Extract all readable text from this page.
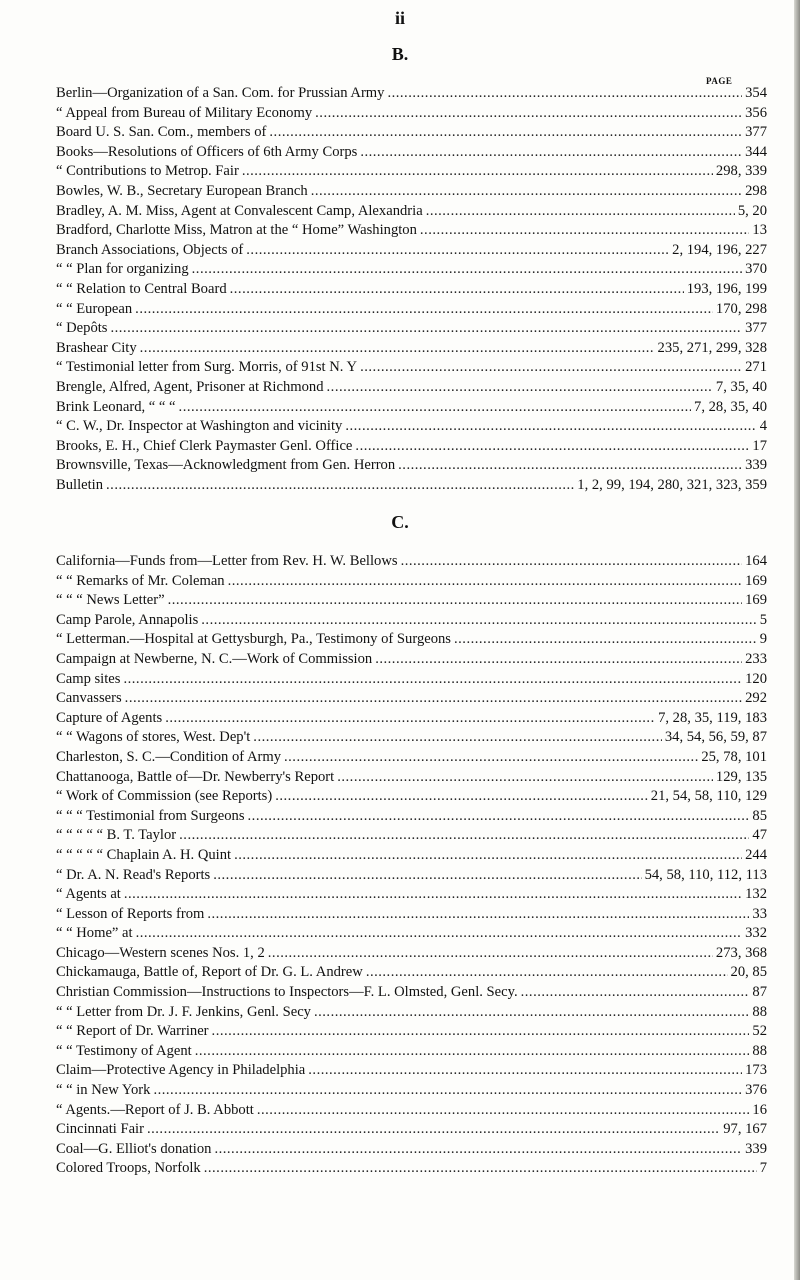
ii
B.
PAGE
Berlin—Organization of a San. Com. for Prussian Army .....	354
“ Appeal from Bureau of Military Economy .....	356
Board U. S. San. Com., members of .....	377
Books—Resolutions of Officers of 6th Army Corps .....	344
“ Contributions to Metrop. Fair .....	298, 339
Bowles, W. B., Secretary European Branch .....	298
Bradley, A. M. Miss, Agent at Convalescent Camp, Alexandria .....	5, 20
Bradford, Charlotte Miss, Matron at the “ Home” Washington .....	13
Branch Associations, Objects of .....	2, 194, 196, 227
“ “ Plan for organizing .....	370
“ “ Relation to Central Board .....	193, 196, 199
“ “ European .....	170, 298
“ Depôts .....	377
Brashear City .....	235, 271, 299, 328
“ Testimonial letter from Surg. Morris, of 91st N. Y .....	271
Brengle, Alfred, Agent, Prisoner at Richmond .....	7, 35, 40
Brink Leonard, “ “ “ .....	7, 28, 35, 40
“ C. W., Dr. Inspector at Washington and vicinity .....	4
Brooks, E. H., Chief Clerk Paymaster Genl. Office .....	17
Brownsville, Texas—Acknowledgment from Gen. Herron .....	339
Bulletin .....	1, 2, 99, 194, 280, 321, 323, 359
C.
California—Funds from—Letter from Rev. H. W. Bellows .....	164
“ “ Remarks of Mr. Coleman .....	169
“ “ “ News Letter” .....	169
Camp Parole, Annapolis .....	5
“ Letterman.—Hospital at Gettysburgh, Pa., Testimony of Surgeons .....	9
Campaign at Newberne, N. C.—Work of Commission .....	233
Camp sites .....	120
Canvassers .....	292
Capture of Agents .....	7, 28, 35, 119, 183
“ “ Wagons of stores, West. Dep't .....	34, 54, 56, 59, 87
Charleston, S. C.—Condition of Army .....	25, 78, 101
Chattanooga, Battle of—Dr. Newberry's Report .....	129, 135
“ Work of Commission (see Reports) .....	21, 54, 58, 110, 129
“ “ “ Testimonial from Surgeons .....	85
“ “ “ “ “ B. T. Taylor .....	47
“ “ “ “ “ Chaplain A. H. Quint .....	244
“ Dr. A. N. Read's Reports .....	54, 58, 110, 112, 113
“ Agents at .....	132
“ Lesson of Reports from .....	33
“ “ Home” at .....	332
Chicago—Western scenes Nos. 1, 2 .....	273, 368
Chickamauga, Battle of, Report of Dr. G. L. Andrew .....	20, 85
Christian Commission—Instructions to Inspectors—F. L. Olmsted, Genl. Secy. .....	87
“ “ Letter from Dr. J. F. Jenkins, Genl. Secy .....	88
“ “ Report of Dr. Warriner .....	52
“ “ Testimony of Agent .....	88
Claim—Protective Agency in Philadelphia .....	173
“ “ in New York .....	376
“ Agents.—Report of J. B. Abbott .....	16
Cincinnati Fair .....	97, 167
Coal—G. Elliot's donation .....	339
Colored Troops, Norfolk .....	7
